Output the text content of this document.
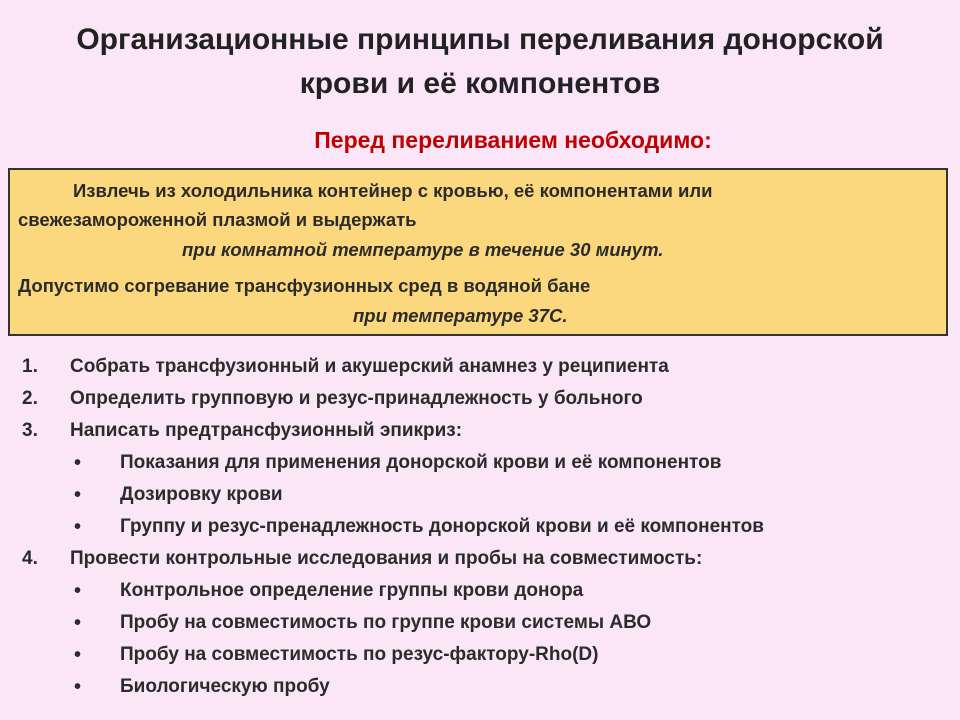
Организационные принципы переливания донорской
крови и её компонентов
Перед переливанием необходимо:
Извлечь из холодильника контейнер с кровью, её компонентами или
свежезамороженной плазмой и выдержать
при комнатной температуре в течение 30 минут.
Допустимо согревание трансфузионных сред в водяной бане
при температуре 37С.
1. Собрать трансфузионный и акушерский анамнез у реципиента
2. Определить групповую и резус-принадлежность у больного
3. Написать предтрансфузионный эпикриз:
• Показания для применения донорской крови и её компонентов
• Дозировку крови
• Группу и резус-пренадлежность донорской крови и её компонентов
4. Провести контрольные исследования и пробы на совместимость:
• Контрольное определение группы крови донора
• Пробу на совместимость по группе крови системы АВО
• Пробу на совместимость по резус-фактору-Rho(D)
• Биологическую пробу
